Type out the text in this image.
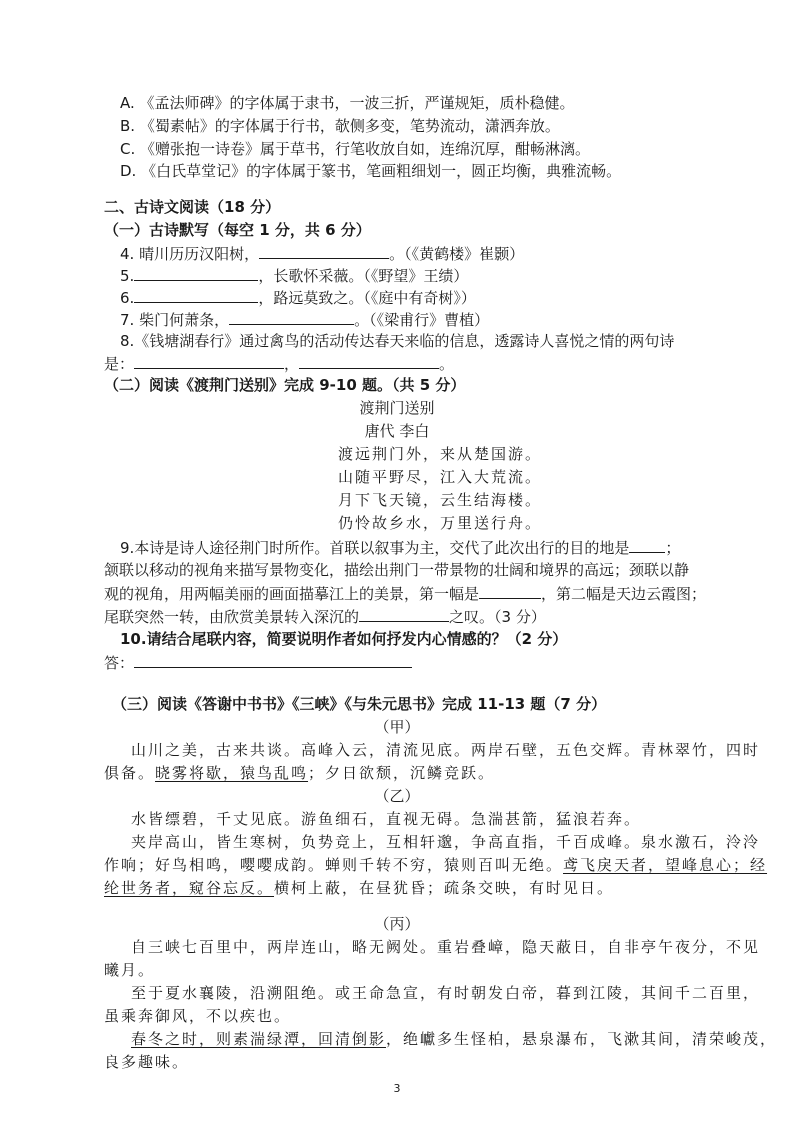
A. 《孟法师碑》的字体属于隶书，一波三折，严谨规矩，质朴稳健。
B. 《蜀素帖》的字体属于行书，欹侧多变，笔势流动，潇洒奔放。
C. 《赠张抱一诗卷》属于草书，行笔收放自如，连绵沉厚，酣畅淋漓。
D. 《白氏草堂记》的字体属于篆书，笔画粗细划一，圆正均衡，典雅流畅。
二、古诗文阅读（18 分）
（一）古诗默写（每空 1 分，共 6 分）
4. 晴川历历汉阳树，	。（《黄鹤楼》崔颢）
5.	，长歌怀采薇。（《野望》王绩）
6.	，路远莫致之。（《庭中有奇树》）
7. 柴门何萧条，	。（《梁甫行》曹植）
8.《钱塘湖春行》通过禽鸟的活动传达春天来临的信息，透露诗人喜悦之情的两句诗
是：	，	。
（二）阅读《渡荆门送别》完成 9-10 题。（共 5 分）
渡荆门送别
唐代 李白
渡远荆门外，来从楚国游。
山随平野尽，江入大荒流。
月下飞天镜，云生结海楼。
仍怜故乡水，万里送行舟。
9.本诗是诗人途径荆门时所作。首联以叙事为主，交代了此次出行的目的地是 ；
颔联以移动的视角来描写景物变化，描绘出荆门一带景物的壮阔和境界的高远；颈联以静
观的视角，用两幅美丽的画面描摹江上的美景，第一幅是	，第二幅是天边云霞图；
尾联突然一转，由欣赏美景转入深沉的	之叹。（3 分）
10.请结合尾联内容，简要说明作者如何抒发内心情感的？（2 分）
答：
（三）阅读《答谢中书书》《三峡》《与朱元思书》完成 11-13 题（7 分）
（甲）
山川之美，古来共谈。高峰入云，清流见底。两岸石壁，五色交辉。青林翠竹，四时
俱备。晓雾将歇，猿鸟乱鸣；夕日欲颓，沉鳞竞跃。
（乙）
水皆缥碧，千丈见底。游鱼细石，直视无碍。急湍甚箭，猛浪若奔。
夹岸高山，皆生寒树，负势竞上，互相轩邈，争高直指，千百成峰。泉水激石，泠泠
作响；好鸟相鸣，嘤嘤成韵。蝉则千转不穷，猿则百叫无绝。鸢飞戾天者，望峰息心；经
纶世务者，窥谷忘反。横柯上蔽，在昼犹昏；疏条交映，有时见日。
（丙）
自三峡七百里中，两岸连山，略无阙处。重岩叠嶂，隐天蔽日，自非亭午夜分，不见
曦月。
至于夏水襄陵，沿溯阻绝。或王命急宣，有时朝发白帝，暮到江陵，其间千二百里，
虽乘奔御风，不以疾也。
春冬之时，则素湍绿潭，回清倒影，绝巘多生怪柏，悬泉瀑布，飞漱其间，清荣峻茂，
良多趣味。
3
